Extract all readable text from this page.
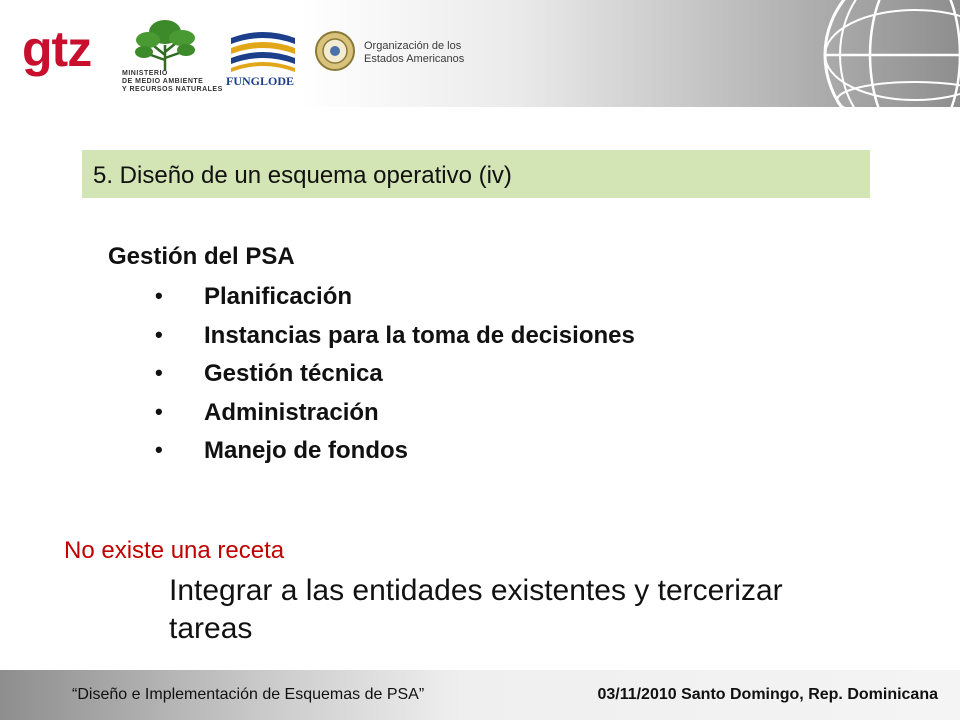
gtz	MINISTERIO
DE MEDIO AMBIENTE
Y RECURSOS NATURALES
FUNGLODE
Organización de los
Estados Americanos
5. Diseño de un esquema operativo (iv)
Gestión del PSA
• Planificación
• Instancias para la toma de decisiones
• Gestión técnica
• Administración
• Manejo de fondos
No existe una receta
Integrar a las entidades existentes y tercerizar tareas
“Diseño e Implementación de Esquemas de PSA”	03/11/2010 Santo Domingo, Rep. Dominicana
